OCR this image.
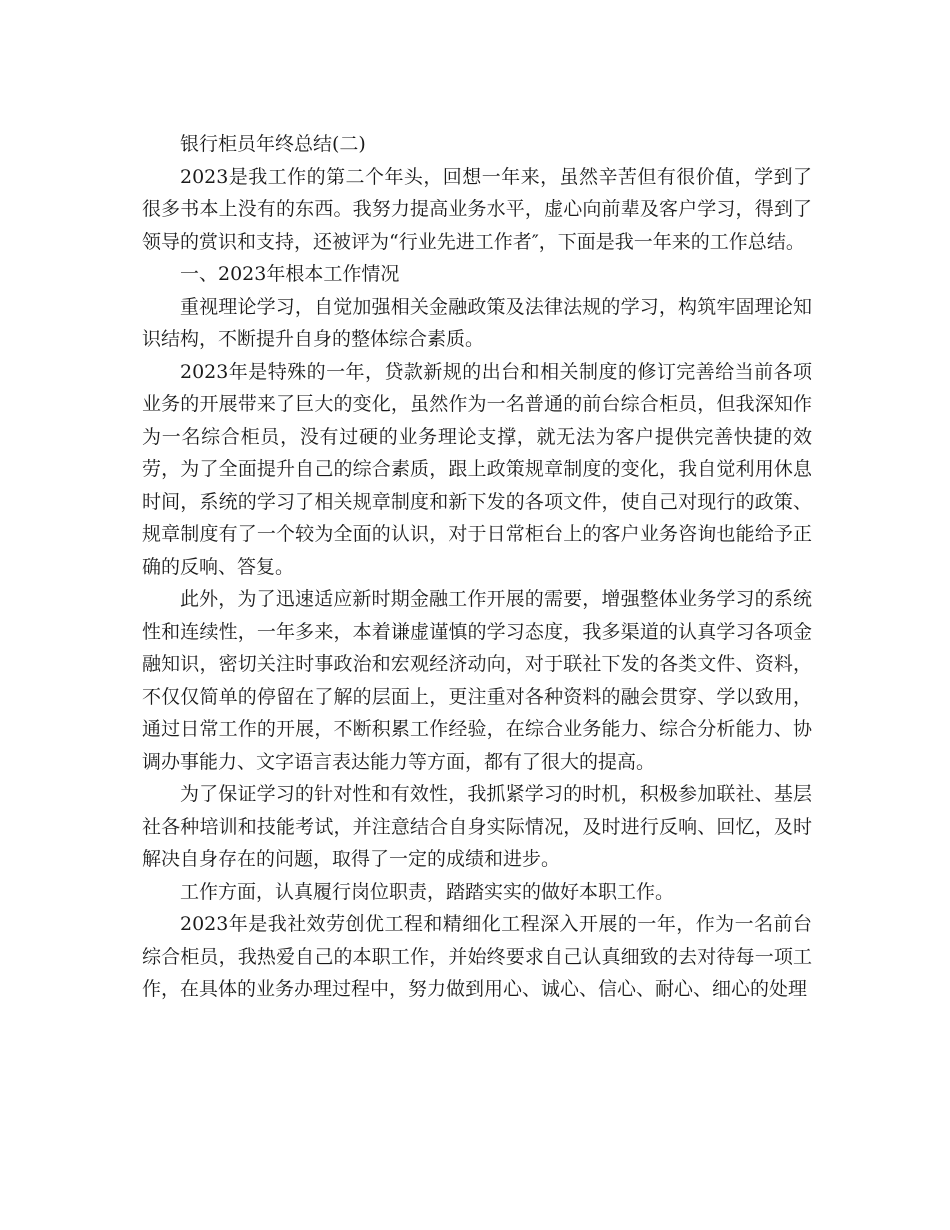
银行柜员年终总结(二)

2023是我工作的第二个年头，回想一年来，虽然辛苦但有很价值，学到了很多书本上没有的东西。我努力提高业务水平，虚心向前辈及客户学习，得到了领导的赏识和支持，还被评为“行业先进工作者″，下面是我一年来的工作总结。

一、2023年根本工作情况

重视理论学习，自觉加强相关金融政策及法律法规的学习，构筑牢固理论知识结构，不断提升自身的整体综合素质。

2023年是特殊的一年，贷款新规的出台和相关制度的修订完善给当前各项业务的开展带来了巨大的变化，虽然作为一名普通的前台综合柜员，但我深知作为一名综合柜员，没有过硬的业务理论支撑，就无法为客户提供完善快捷的效劳，为了全面提升自己的综合素质，跟上政策规章制度的变化，我自觉利用休息时间，系统的学习了相关规章制度和新下发的各项文件，使自己对现行的政策、规章制度有了一个较为全面的认识，对于日常柜台上的客户业务咨询也能给予正确的反响、答复。

此外，为了迅速适应新时期金融工作开展的需要，增强整体业务学习的系统性和连续性，一年多来，本着谦虚谨慎的学习态度，我多渠道的认真学习各项金融知识，密切关注时事政治和宏观经济动向，对于联社下发的各类文件、资料，不仅仅简单的停留在了解的层面上，更注重对各种资料的融会贯穿、学以致用，通过日常工作的开展，不断积累工作经验，在综合业务能力、综合分析能力、协调办事能力、文字语言表达能力等方面，都有了很大的提高。

为了保证学习的针对性和有效性，我抓紧学习的时机，积极参加联社、基层社各种培训和技能考试，并注意结合自身实际情况，及时进行反响、回忆，及时解决自身存在的问题，取得了一定的成绩和进步。

工作方面，认真履行岗位职责，踏踏实实的做好本职工作。

2023年是我社效劳创优工程和精细化工程深入开展的一年，作为一名前台综合柜员，我热爱自己的本职工作，并始终要求自己认真细致的去对待每一项工作，在具体的业务办理过程中，努力做到用心、诚心、信心、耐心、细心的处理
